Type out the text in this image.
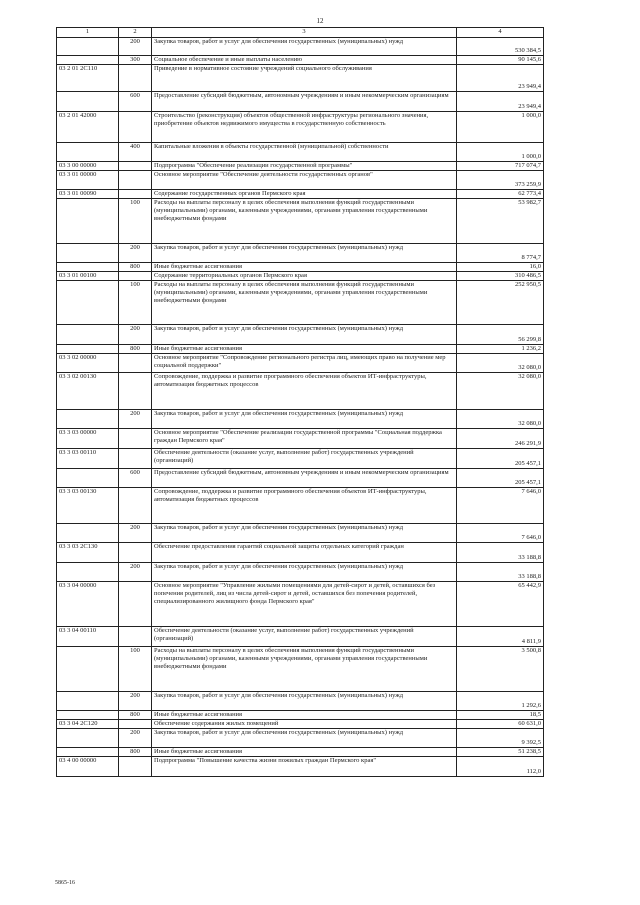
12
1	2	3	4
	200	Закупка товаров, работ и услуг для обеспечения государственных (муниципальных) нужд	530 384,5
	300	Социальное обеспечение и иные выплаты населению	90 145,6
03 2 01 2С110		Приведение в нормативное состояние учреждений социального обслуживания	23 949,4
	600	Предоставление субсидий бюджетным, автономным учреждениям и иным некоммерческим организациям	23 949,4
03 2 01 42000		Строительство (реконструкция) объектов общественной инфраструктуры регионального значения, приобретение объектов недвижимого имущества в государственную собственность	1 000,0
	400	Капитальные вложения в объекты государственной (муниципальной) собственности	1 000,0
03 3 00 00000		Подпрограмма "Обеспечение реализации государственной программы"	717 074,7
03 3 01 00000		Основное мероприятие "Обеспечение деятельности государственных органов"	373 259,9
03 3 01 00090		Содержание государственных органов Пермского края	62 773,4
	100	Расходы на выплаты персоналу в целях обеспечения выполнения функций государственными (муниципальными) органами, казенными учреждениями, органами управления государственными внебюджетными фондами	53 982,7
	200	Закупка товаров, работ и услуг для обеспечения государственных (муниципальных) нужд	8 774,7
	800	Иные бюджетные ассигнования	16,0
03 3 01 00100		Содержание территориальных органов Пермского края	310 486,5
	100	Расходы на выплаты персоналу в целях обеспечения выполнения функций государственными (муниципальными) органами, казенными учреждениями, органами управления государственными внебюджетными фондами	252 950,5
	200	Закупка товаров, работ и услуг для обеспечения государственных (муниципальных) нужд	56 299,8
	800	Иные бюджетные ассигнования	1 236,2
03 3 02 00000		Основное мероприятие "Сопровождение регионального регистра лиц, имеющих право на получение мер социальной поддержки"	32 080,0
03 3 02 00130		Сопровождение, поддержка и развитие программного обеспечения объектов ИТ-инфраструктуры, автоматизация бюджетных процессов	32 080,0
	200	Закупка товаров, работ и услуг для обеспечения государственных (муниципальных) нужд	32 080,0
03 3 03 00000		Основное мероприятие "Обеспечение реализации государственной программы "Социальная поддержка граждан Пермского края"	246 291,9
03 3 03 00110		Обеспечение деятельности (оказание услуг, выполнение работ) государственных учреждений (организаций)	205 457,1
	600	Предоставление субсидий бюджетным, автономным учреждениям и иным некоммерческим организациям	205 457,1
03 3 03 00130		Сопровождение, поддержка и развитие программного обеспечения объектов ИТ-инфраструктуры, автоматизация бюджетных процессов	7 646,0
	200	Закупка товаров, работ и услуг для обеспечения государственных (муниципальных) нужд	7 646,0
03 3 03 2С130		Обеспечение предоставления гарантий социальной защиты отдельных категорий граждан	33 188,8
	200	Закупка товаров, работ и услуг для обеспечения государственных (муниципальных) нужд	33 188,8
03 3 04 00000		Основное мероприятие "Управление жилыми помещениями для детей-сирот и детей, оставшихся без попечения родителей, лиц из числа детей-сирот и детей, оставшихся без попечения родителей, специализированного жилищного фонда Пермского края"	65 442,9
03 3 04 00110		Обеспечение деятельности (оказание услуг, выполнение работ) государственных учреждений (организаций)	4 811,9
	100	Расходы на выплаты персоналу в целях обеспечения выполнения функций государственными (муниципальными) органами, казенными учреждениями, органами управления государственными внебюджетными фондами	3 500,8
	200	Закупка товаров, работ и услуг для обеспечения государственных (муниципальных) нужд	1 292,6
	800	Иные бюджетные ассигнования	18,5
03 3 04 2С120		Обеспечение содержания жилых помещений	60 631,0
	200	Закупка товаров, работ и услуг для обеспечения государственных (муниципальных) нужд	9 392,5
	800	Иные бюджетные ассигнования	51 238,5
03 4 00 00000		Подпрограмма "Повышение качества жизни пожилых граждан Пермского края"	112,0
5865-16
